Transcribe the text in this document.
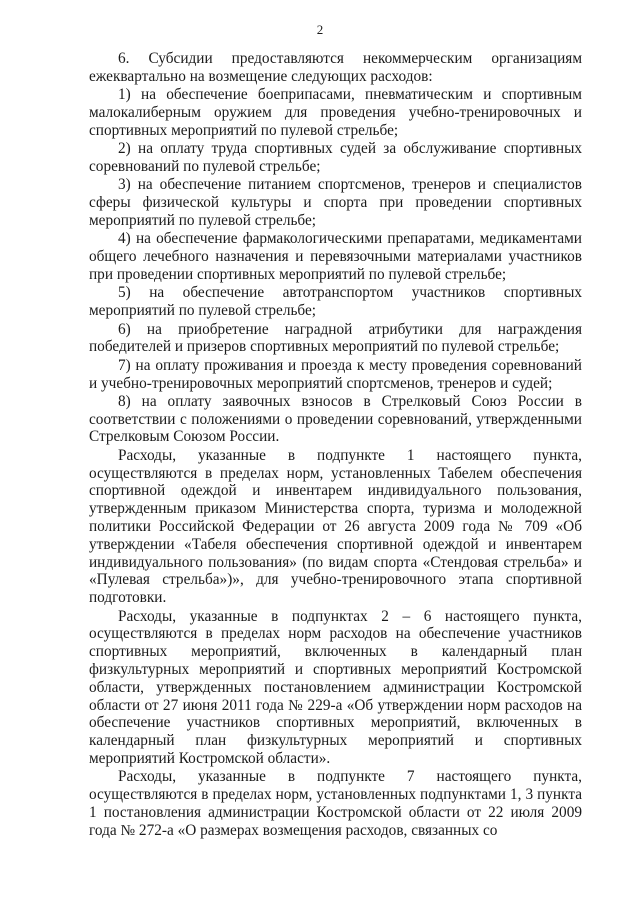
2

6. Субсидии предоставляются некоммерческим организациям ежеквартально на возмещение следующих расходов:

1) на обеспечение боеприпасами, пневматическим и спортивным малокалиберным оружием для проведения учебно-тренировочных и спортивных мероприятий по пулевой стрельбе;

2) на оплату труда спортивных судей за обслуживание спортивных соревнований по пулевой стрельбе;

3) на обеспечение питанием спортсменов, тренеров и специалистов сферы физической культуры и спорта при проведении спортивных мероприятий по пулевой стрельбе;

4) на обеспечение фармакологическими препаратами, медикаментами общего лечебного назначения и перевязочными материалами участников при проведении спортивных мероприятий по пулевой стрельбе;

5) на обеспечение автотранспортом участников спортивных мероприятий по пулевой стрельбе;

6) на приобретение наградной атрибутики для награждения победителей и призеров спортивных мероприятий по пулевой стрельбе;

7) на оплату проживания и проезда к месту проведения соревнований и учебно-тренировочных мероприятий спортсменов, тренеров и судей;

8) на оплату заявочных взносов в Стрелковый Союз России в соответствии с положениями о проведении соревнований, утвержденными Стрелковым Союзом России.

Расходы, указанные в подпункте 1 настоящего пункта, осуществляются в пределах норм, установленных Табелем обеспечения спортивной одеждой и инвентарем индивидуального пользования, утвержденным приказом Министерства спорта, туризма и молодежной политики Российской Федерации от 26 августа 2009 года № 709 «Об утверждении «Табеля обеспечения спортивной одеждой и инвентарем индивидуального пользования» (по видам спорта «Стендовая стрельба» и «Пулевая стрельба»)», для учебно-тренировочного этапа спортивной подготовки.

Расходы, указанные в подпунктах 2 – 6 настоящего пункта, осуществляются в пределах норм расходов на обеспечение участников спортивных мероприятий, включенных в календарный план физкультурных мероприятий и спортивных мероприятий Костромской области, утвержденных постановлением администрации Костромской области от 27 июня 2011 года № 229-а «Об утверждении норм расходов на обеспечение участников спортивных мероприятий, включенных в календарный план физкультурных мероприятий и спортивных мероприятий Костромской области».

Расходы, указанные в подпункте 7 настоящего пункта, осуществляются в пределах норм, установленных подпунктами 1, 3 пункта 1 постановления администрации Костромской области от 22 июля 2009 года № 272-а «О размерах возмещения расходов, связанных со
